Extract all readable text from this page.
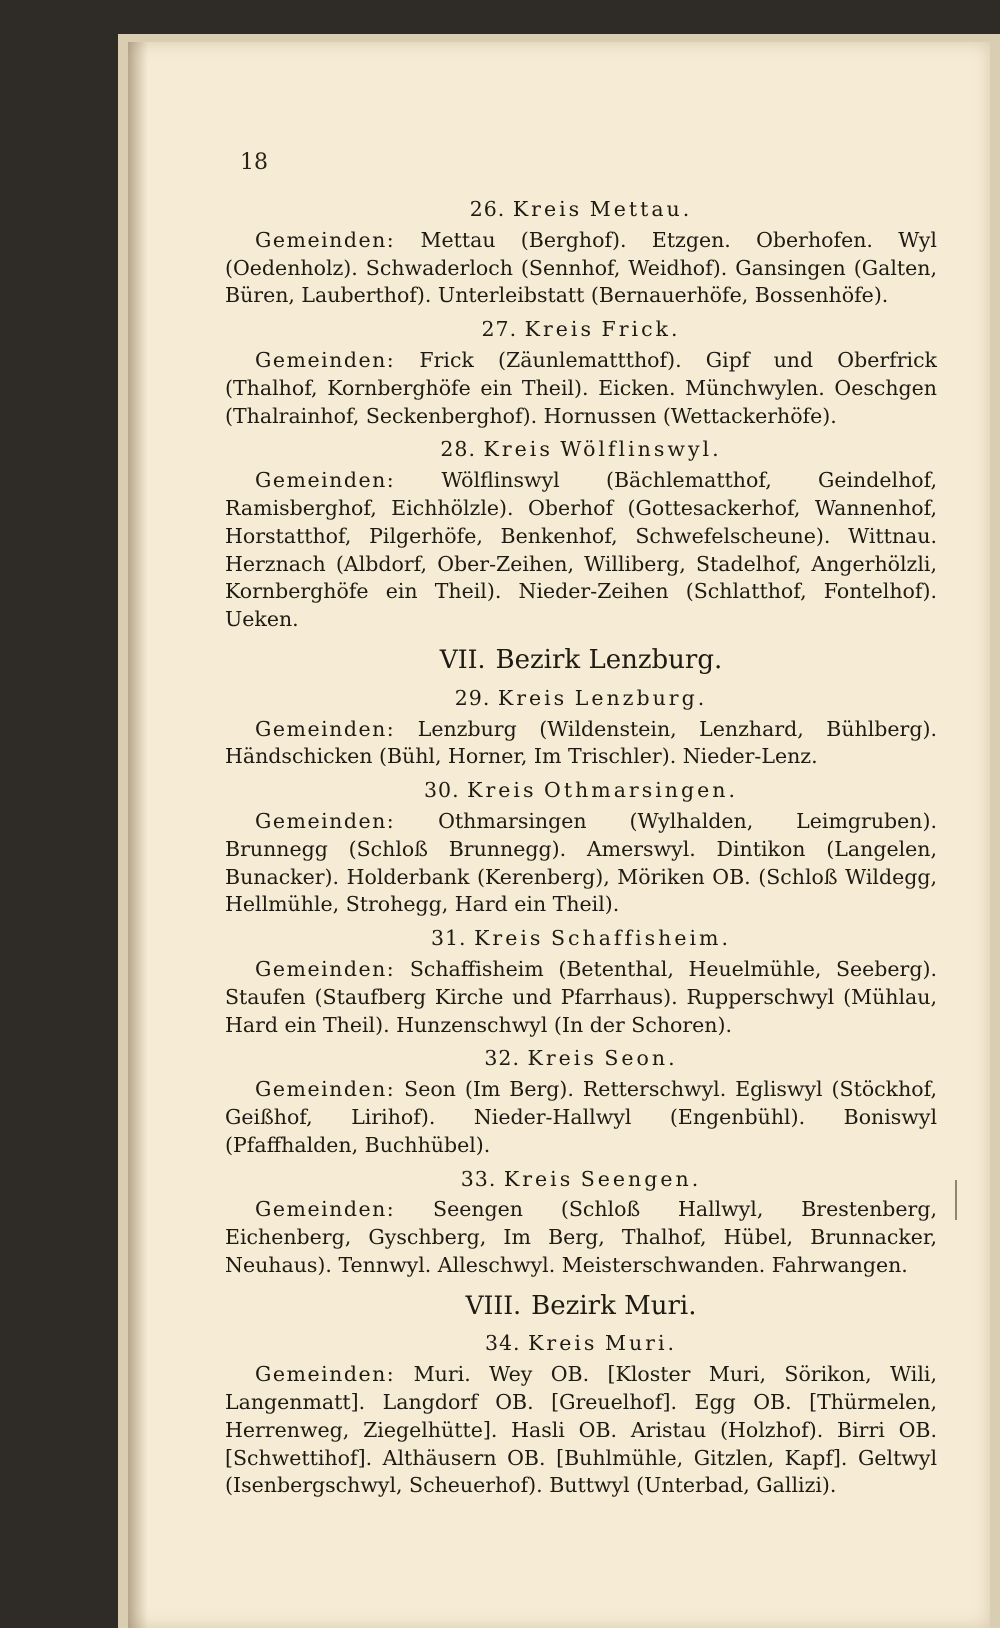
18
26. Kreis Mettau.

Gemeinden: Mettau (Berghof). Etzgen. Oberhofen. Wyl (Oedenholz). Schwaderloch (Sennhof, Weidhof). Gansingen (Galten, Büren, Lauberthof). Unterleibstatt (Bernauerhöfe, Bossenhöfe).

27. Kreis Frick.

Gemeinden: Frick (Zäunlemattthof). Gipf und Oberfrick (Thalhof, Kornberghöfe ein Theil). Eicken. Münchwylen. Oeschgen (Thalrainhof, Seckenberghof). Hornussen (Wettackerhöfe).

28. Kreis Wölflinswyl.

Gemeinden: Wölflinswyl (Bächlematthof, Geindelhof, Ramisberghof, Eichhölzle). Oberhof (Gottesackerhof, Wannenhof, Horstatthof, Pilgerhöfe, Benkenhof, Schwefelscheune). Wittnau. Herznach (Albdorf, Ober-Zeihen, Williberg, Stadelhof, Angerhölzli, Kornberghöfe ein Theil). Nieder-Zeihen (Schlatthof, Fontelhof). Ueken.

VII. Bezirk Lenzburg.
29. Kreis Lenzburg.

Gemeinden: Lenzburg (Wildenstein, Lenzhard, Bühlberg). Händschicken (Bühl, Horner, Im Trischler). Nieder-Lenz.

30. Kreis Othmarsingen.

Gemeinden: Othmarsingen (Wylhalden, Leimgruben). Brunnegg (Schloß Brunnegg). Amerswyl. Dintikon (Langelen, Bunacker). Holderbank (Kerenberg), Möriken OB. (Schloß Wildegg, Hellmühle, Strohegg, Hard ein Theil).

31. Kreis Schaffisheim.

Gemeinden: Schaffisheim (Betenthal, Heuelmühle, Seeberg). Staufen (Staufberg Kirche und Pfarrhaus). Rupperschwyl (Mühlau, Hard ein Theil). Hunzenschwyl (In der Schoren).

32. Kreis Seon.

Gemeinden: Seon (Im Berg). Retterschwyl. Egliswyl (Stöckhof, Geißhof, Lirihof). Nieder-Hallwyl (Engenbühl). Boniswyl (Pfaffhalden, Buchhübel).

33. Kreis Seengen.

Gemeinden: Seengen (Schloß Hallwyl, Brestenberg, Eichenberg, Gyschberg, Im Berg, Thalhof, Hübel, Brunnacker, Neuhaus). Tennwyl. Alleschwyl. Meisterschwanden. Fahrwangen.

VIII. Bezirk Muri.
34. Kreis Muri.

Gemeinden: Muri. Wey OB. [Kloster Muri, Sörikon, Wili, Langenmatt]. Langdorf OB. [Greuelhof]. Egg OB. [Thürmelen, Herrenweg, Ziegelhütte]. Hasli OB. Aristau (Holzhof). Birri OB. [Schwettihof]. Althäusern OB. [Buhlmühle, Gitzlen, Kapf]. Geltwyl (Isenbergschwyl, Scheuerhof). Buttwyl (Unterbad, Gallizi).
